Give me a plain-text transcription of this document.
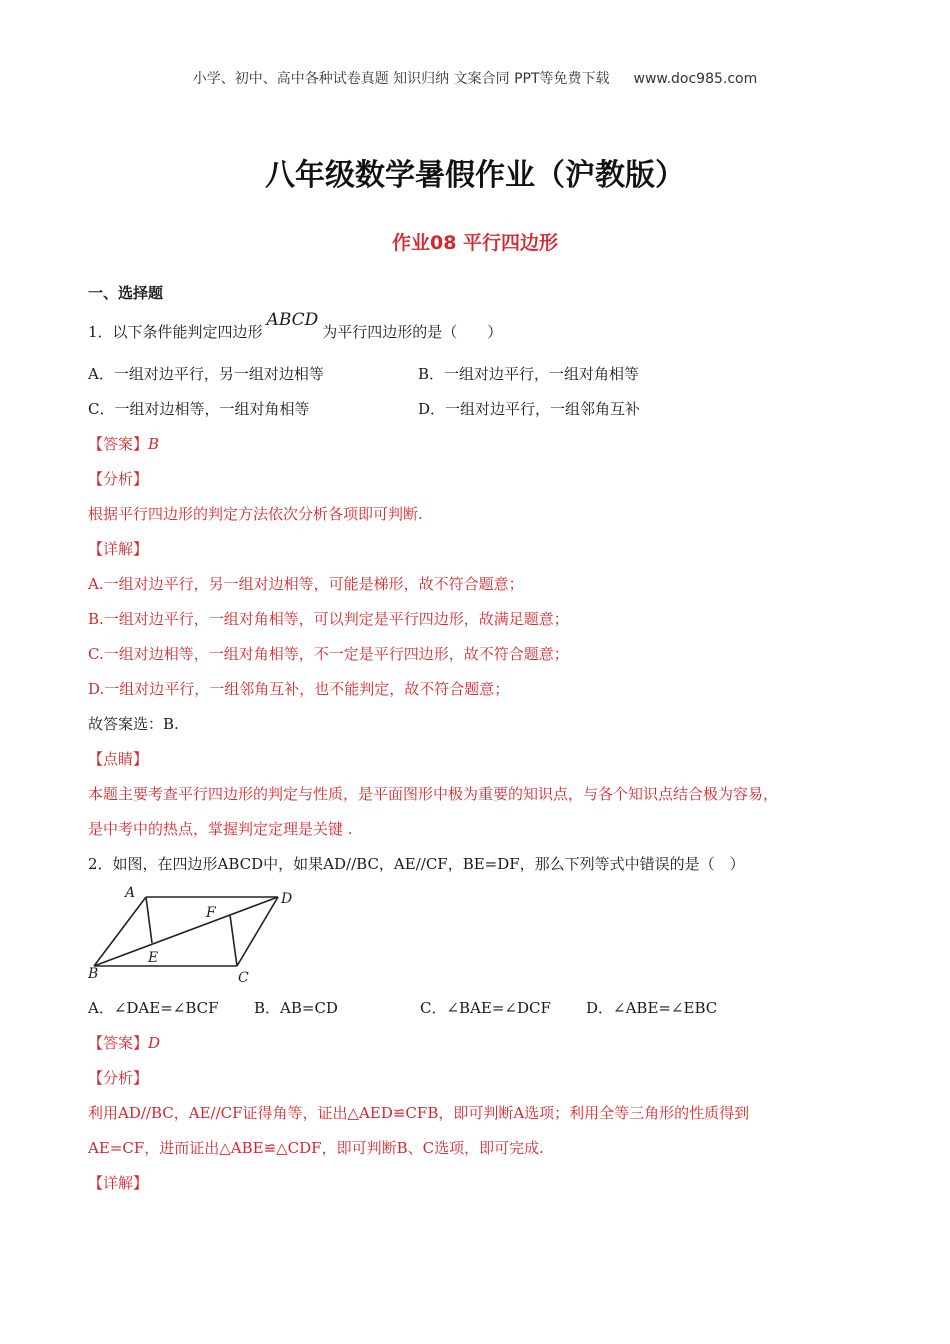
小学、初中、高中各种试卷真题 知识归纳 文案合同 PPT等免费下载 www.doc985.com
八年级数学暑假作业（沪教版）
作业08 平行四边形
一、选择题
1．以下条件能判定四边形ABCD为平行四边形的是（　　）
A．一组对边平行，另一组对边相等	B．一组对边平行，一组对角相等
C．一组对边相等，一组对角相等	D．一组对边平行，一组邻角互补
【答案】B
【分析】
根据平行四边形的判定方法依次分析各项即可判断.
【详解】
A.一组对边平行，另一组对边相等，可能是梯形，故不符合题意；
B.一组对边平行，一组对角相等，可以判定是平行四边形，故满足题意；
C.一组对边相等，一组对角相等，不一定是平行四边形，故不符合题意；
D.一组对边平行，一组邻角互补，也不能判定，故不符合题意；
故答案选：B.
【点睛】
本题主要考查平行四边形的判定与性质，是平面图形中极为重要的知识点，与各个知识点结合极为容易，
是中考中的热点，掌握判定定理是关键 .
2．如图，在四边形ABCD中，如果AD//BC，AE//CF，BE=DF，那么下列等式中错误的是（　）
A
B	C
D
E
F
A．∠DAE=∠BCF	B．AB=CD	C．∠BAE=∠DCF	D．∠ABE=∠EBC
【答案】D
【分析】
利用AD//BC，AE//CF证得角等，证出△AED≌CFB，即可判断A选项；利用全等三角形的性质得到
AE=CF，进而证出△ABE≌△CDF，即可判断B、C选项，即可完成.
【详解】
